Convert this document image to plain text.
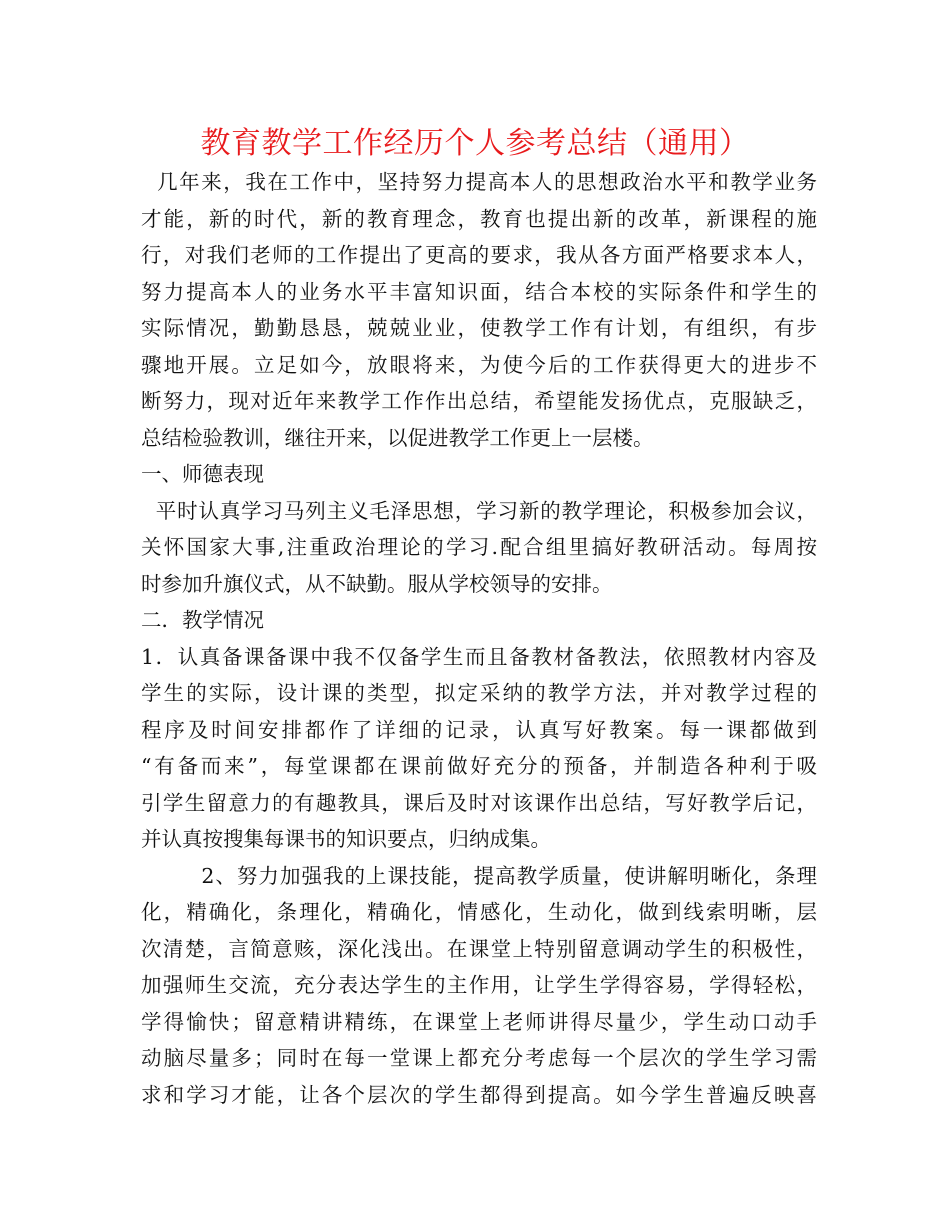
教育教学工作经历个人参考总结（通用）
几年来，我在工作中，坚持努力提高本人的思想政治水平和教学业务
才能，新的时代，新的教育理念，教育也提出新的改革，新课程的施
行，对我们老师的工作提出了更高的要求，我从各方面严格要求本人，
努力提高本人的业务水平丰富知识面，结合本校的实际条件和学生的
实际情况，勤勤恳恳，兢兢业业，使教学工作有计划，有组织，有步
骤地开展。立足如今，放眼将来，为使今后的工作获得更大的进步不
断努力，现对近年来教学工作作出总结，希望能发扬优点，克服缺乏，
总结检验教训，继往开来，以促进教学工作更上一层楼。
一、师德表现
平时认真学习马列主义毛泽思想，学习新的教学理论，积极参加会议，
关怀国家大事,注重政治理论的学习.配合组里搞好教研活动。每周按
时参加升旗仪式，从不缺勤。服从学校领导的安排。
二．教学情况
1．认真备课备课中我不仅备学生而且备教材备教法，依照教材内容及
学生的实际，设计课的类型，拟定采纳的教学方法，并对教学过程的
程序及时间安排都作了详细的记录，认真写好教案。每一课都做到
“有备而来”，每堂课都在课前做好充分的预备，并制造各种利于吸
引学生留意力的有趣教具，课后及时对该课作出总结，写好教学后记，
并认真按搜集每课书的知识要点，归纳成集。
2、努力加强我的上课技能，提高教学质量，使讲解明晰化，条理
化，精确化，条理化，精确化，情感化，生动化，做到线索明晰，层
次清楚，言简意赅，深化浅出。在课堂上特别留意调动学生的积极性，
加强师生交流，充分表达学生的主作用，让学生学得容易，学得轻松，
学得愉快；留意精讲精练，在课堂上老师讲得尽量少，学生动口动手
动脑尽量多；同时在每一堂课上都充分考虑每一个层次的学生学习需
求和学习才能，让各个层次的学生都得到提高。如今学生普遍反映喜
